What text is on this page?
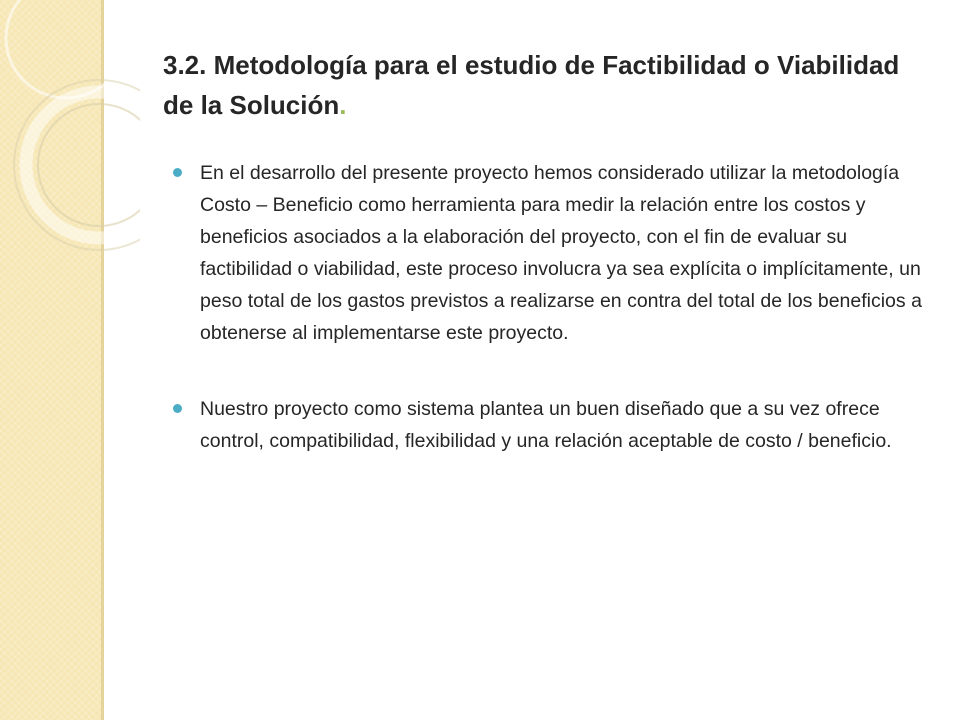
3.2. Metodología para el estudio de Factibilidad o Viabilidad de la Solución.
En el desarrollo del presente proyecto hemos considerado utilizar la metodología Costo – Beneficio como herramienta para medir la relación entre los costos y beneficios asociados a la elaboración del proyecto, con el fin de evaluar su factibilidad o viabilidad, este proceso involucra ya sea explícita o implícitamente, un peso total de los gastos previstos a realizarse en contra del total de los beneficios a obtenerse al implementarse este proyecto.
Nuestro proyecto como sistema plantea un buen diseñado que a su vez ofrece control, compatibilidad, flexibilidad y una relación aceptable de costo / beneficio.
